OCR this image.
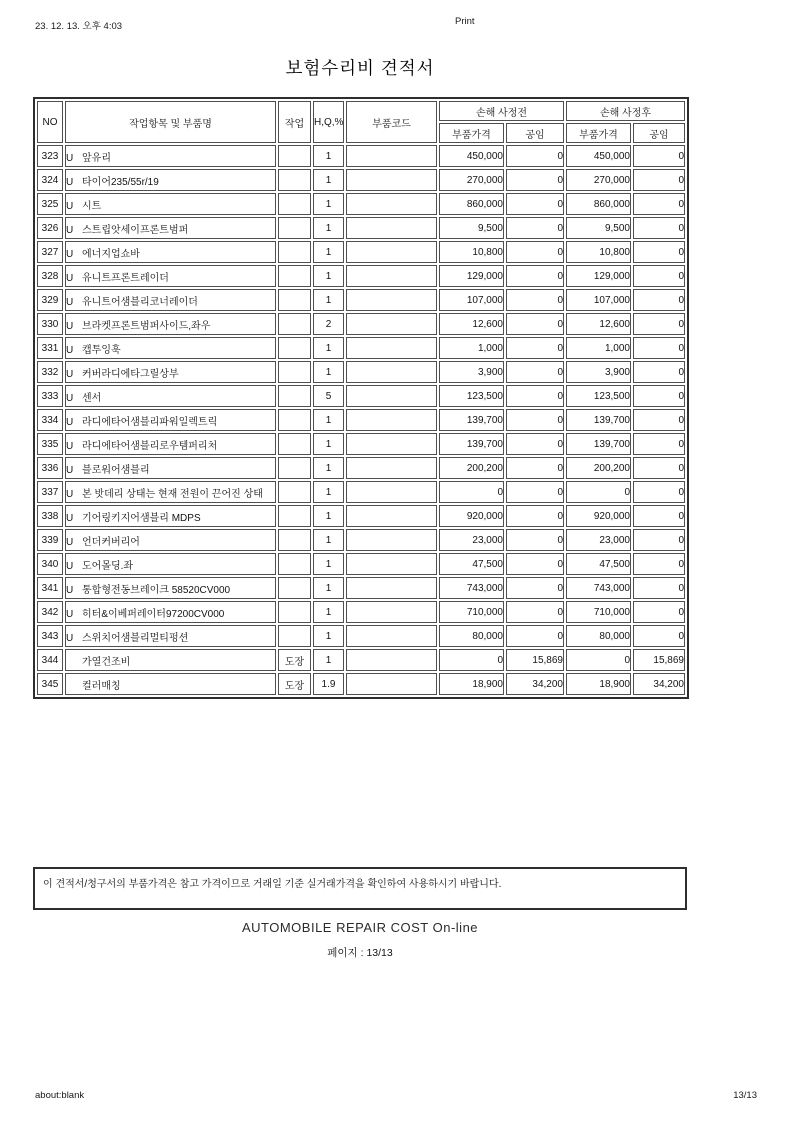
23. 12. 13. 오후 4:03	Print
보험수리비 견적서
NO	작업항목 및 부품명	작업	H,Q,%	부품코드	손해 사정전		손해 사정후	
					부품가격	공임	부품가격	공임
323	U 앞유리		1		450,000	0	450,000	0
324	U 타이어235/55r/19		1		270,000	0	270,000	0
325	U 시트		1		860,000	0	860,000	0
326	U 스트립앗세이프론트범퍼		1		9,500	0	9,500	0
327	U 에너지업쇼바		1		10,800	0	10,800	0
328	U 유니트프론트레이더		1		129,000	0	129,000	0
329	U 유니트어샘블리코너레이더		1		107,000	0	107,000	0
330	U 브라켓프론트범퍼사이드,좌우		2		12,600	0	12,600	0
331	U 캡투잉훅		1		1,000	0	1,000	0
332	U 커버라디에타그릴상부		1		3,900	0	3,900	0
333	U 센서		5		123,500	0	123,500	0
334	U 라디에타어샘블리파워일렉트릭		1		139,700	0	139,700	0
335	U 라디에타어샘블리로우템퍼리처		1		139,700	0	139,700	0
336	U 블로워어샘블리		1		200,200	0	200,200	0
337	U 본 밧데리 상태는 현재 전원이 끈어진 상태		1		0	0	0	0
338	U 기어링키지어샘블리 MDPS		1		920,000	0	920,000	0
339	U 언더커버리어		1		23,000	0	23,000	0
340	U 도어몰딩.좌		1		47,500	0	47,500	0
341	U 통합형전동브레이크 58520CV000		1		743,000	0	743,000	0
342	U 히터&이베퍼레이터97200CV000		1		710,000	0	710,000	0
343	U 스위치어샘블리멀티펑션		1		80,000	0	80,000	0
344	가열건조비	도장	1		0	15,869	0	15,869
345	컬러매칭	도장	1.9		18,900	34,200	18,900	34,200
이 견적서/청구서의 부품가격은 참고 가격이므로 거래일 기준 실거래가격을 확인하여 사용하시기 바랍니다.
AUTOMOBILE REPAIR COST On-line
페이지 : 13/13
about:blank	13/13
